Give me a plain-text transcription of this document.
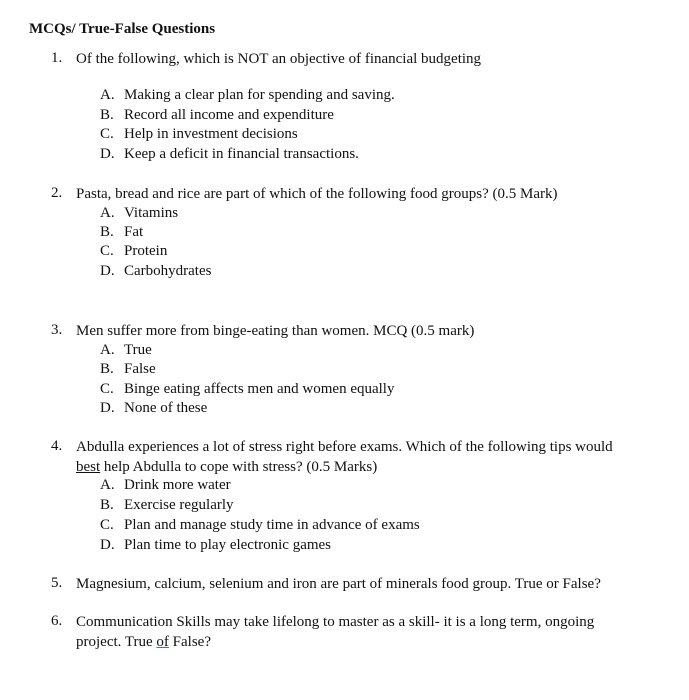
MCQs/ True-False Questions
1. Of the following, which is NOT an objective of financial budgeting
A. Making a clear plan for spending and saving.
B. Record all income and expenditure
C. Help in investment decisions
D. Keep a deficit in financial transactions.
2. Pasta, bread and rice are part of which of the following food groups? (0.5 Mark)
A. Vitamins
B. Fat
C. Protein
D. Carbohydrates
3. Men suffer more from binge-eating than women. MCQ (0.5 mark)
A. True
B. False
C. Binge eating affects men and women equally
D. None of these
4. Abdulla experiences a lot of stress right before exams. Which of the following tips would
best help Abdulla to cope with stress? (0.5 Marks)
A. Drink more water
B. Exercise regularly
C. Plan and manage study time in advance of exams
D. Plan time to play electronic games
5. Magnesium, calcium, selenium and iron are part of minerals food group. True or False?
6. Communication Skills may take lifelong to master as a skill- it is a long term, ongoing
project. True of False?
